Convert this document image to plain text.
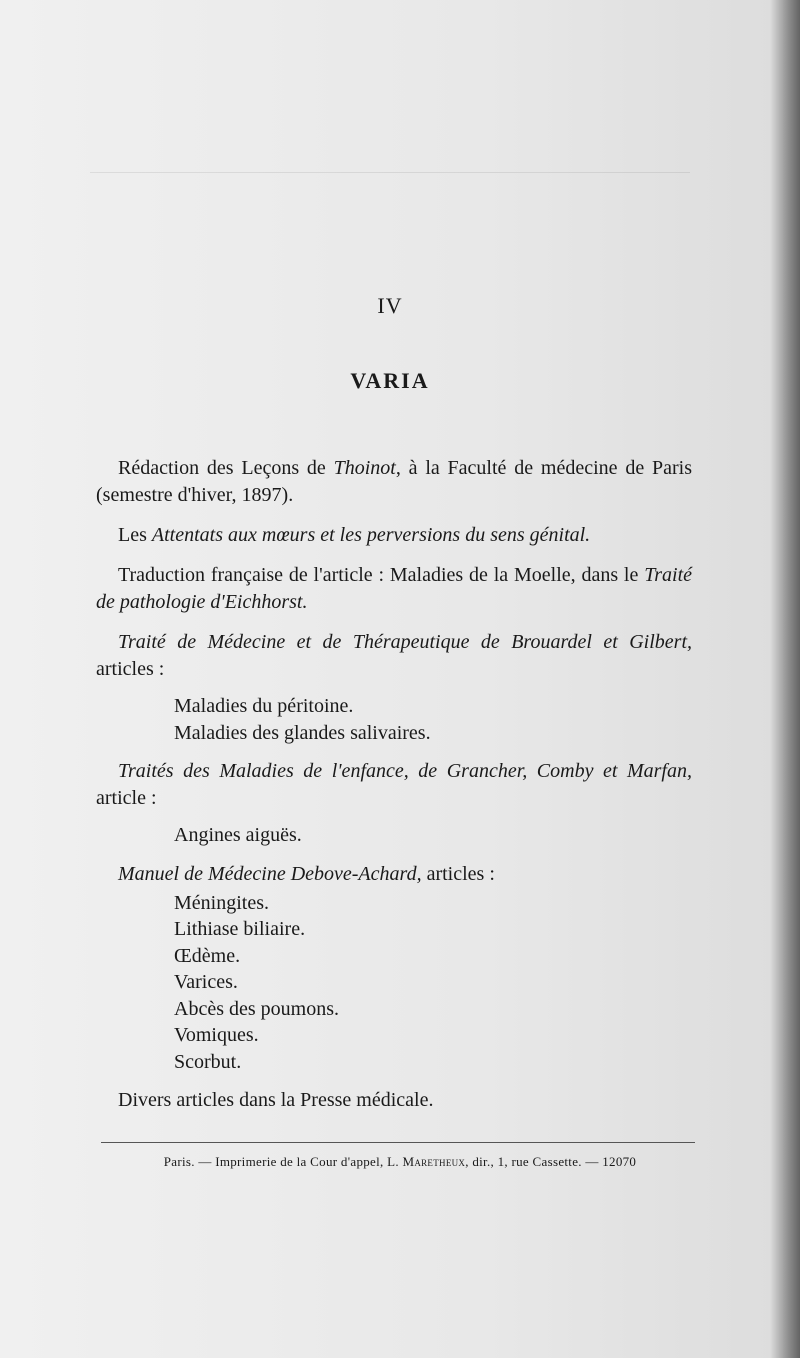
IV
VARIA

Rédaction des Leçons de Thoinot, à la Faculté de médecine de Paris (semestre d'hiver, 1897).

Les Attentats aux mœurs et les perversions du sens génital.

Traduction française de l'article : Maladies de la Moelle, dans le Traité de pathologie d'Eichhorst.

Traité de Médecine et de Thérapeutique de Brouardel et Gilbert, articles :

Maladies du péritoine.
Maladies des glandes salivaires.

Traités des Maladies de l'enfance, de Grancher, Comby et Marfan, article :

Angines aiguës.

Manuel de Médecine Debove-Achard, articles :

Méningites.
Lithiase biliaire.
Œdème.
Varices.
Abcès des poumons.
Vomiques.
Scorbut.

Divers articles dans la Presse médicale.

Paris. — Imprimerie de la Cour d'appel, L. Maretheux, dir., 1, rue Cassette. — 12070
